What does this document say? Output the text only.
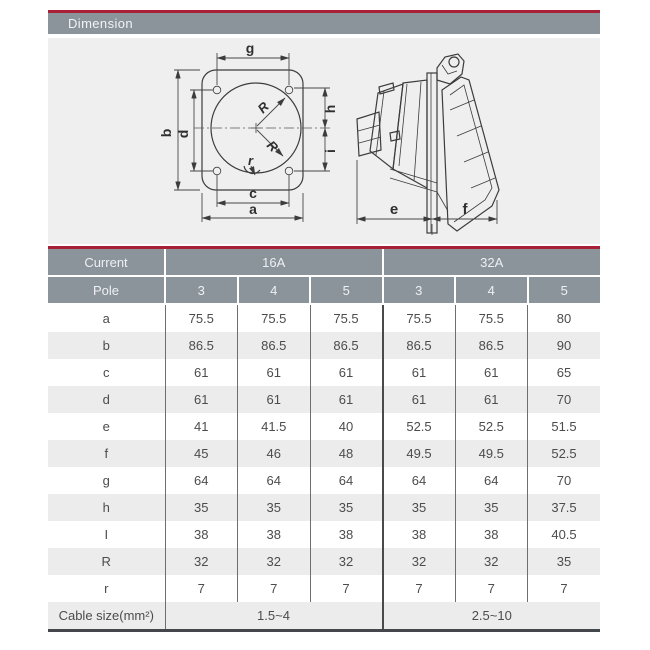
Dimension
R
R
r
g
b d
h
i
c
a	e	f
Current	16A			32A		
Pole	3	4	5	3	4	5
a	75.5	75.5	75.5	75.5	75.5	80
b	86.5	86.5	86.5	86.5	86.5	90
c	61	61	61	61	61	65
d	61	61	61	61	61	70
e	41	41.5	40	52.5	52.5	51.5
f	45	46	48	49.5	49.5	52.5
g	64	64	64	64	64	70
h	35	35	35	35	35	37.5
I	38	38	38	38	38	40.5
R	32	32	32	32	32	35
r	7	7	7	7	7	7
Cable size(mm²)	1.5~4			2.5~10		
